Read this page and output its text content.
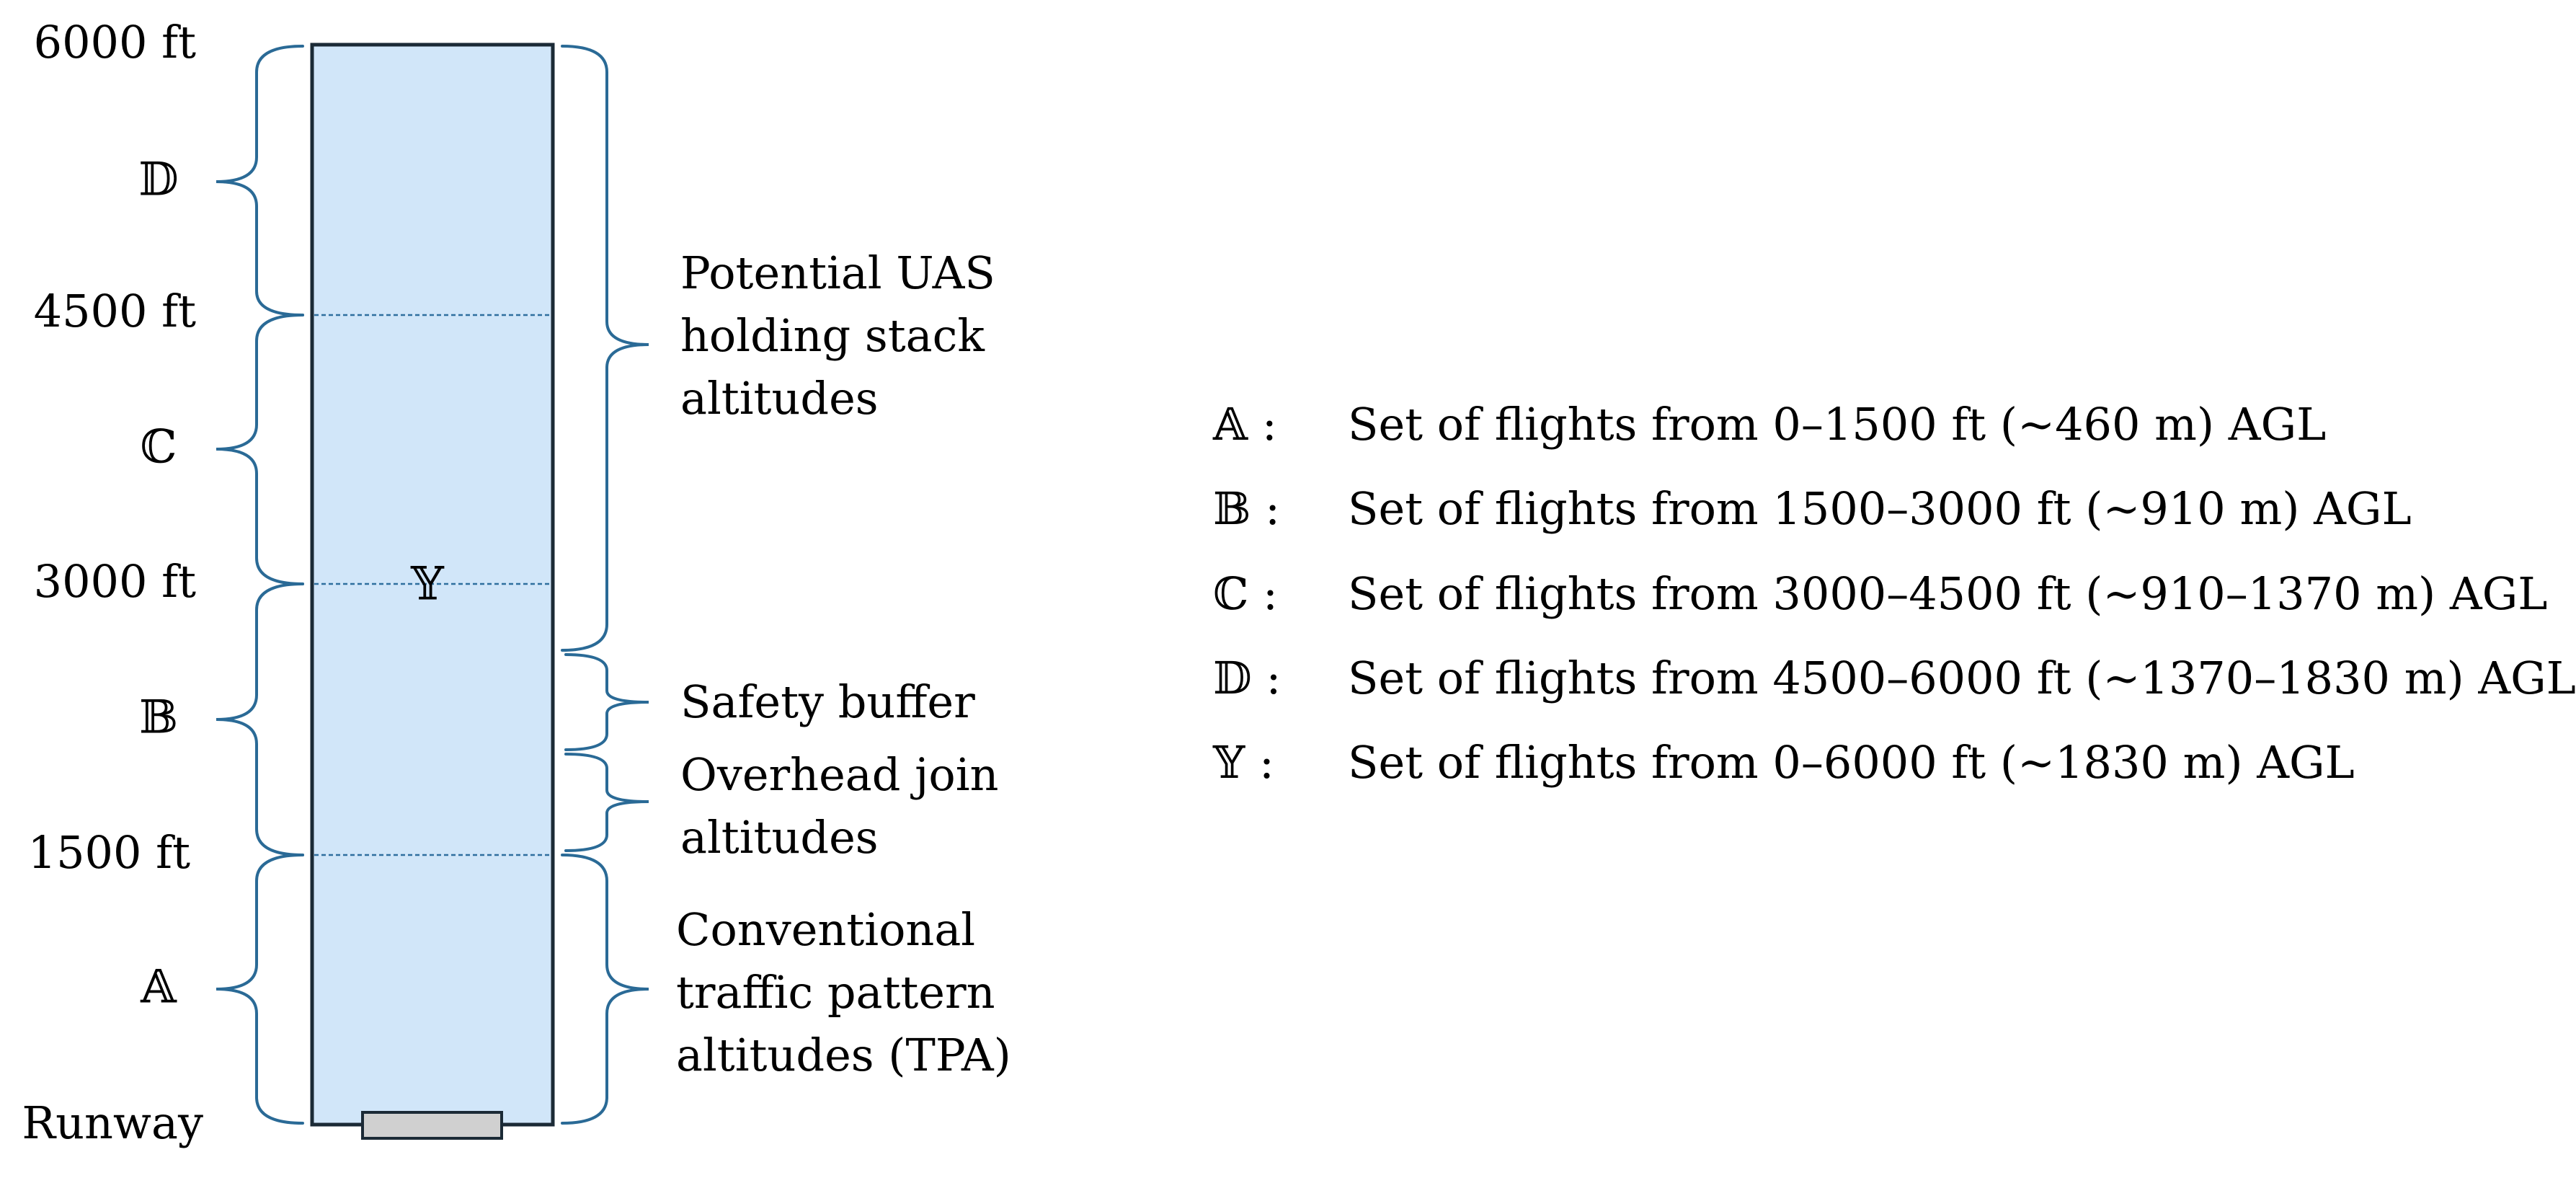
6000 ft
4500 ft
3000 ft
1500 ft
Runway
𝔻
ℂ
𝔹
𝔸
𝕐
Potential UAS holding stack altitudes
Safety buffer
Overhead join altitudes
Conventional traffic pattern altitudes (TPA)
𝔸 : Set of flights from 0–1500 ft (~460 m) AGL
𝔹 : Set of flights from 1500–3000 ft (~910 m) AGL
ℂ : Set of flights from 3000–4500 ft (~910–1370 m) AGL
𝔻 : Set of flights from 4500–6000 ft (~1370–1830 m) AGL
𝕐 : Set of flights from 0–6000 ft (~1830 m) AGL
